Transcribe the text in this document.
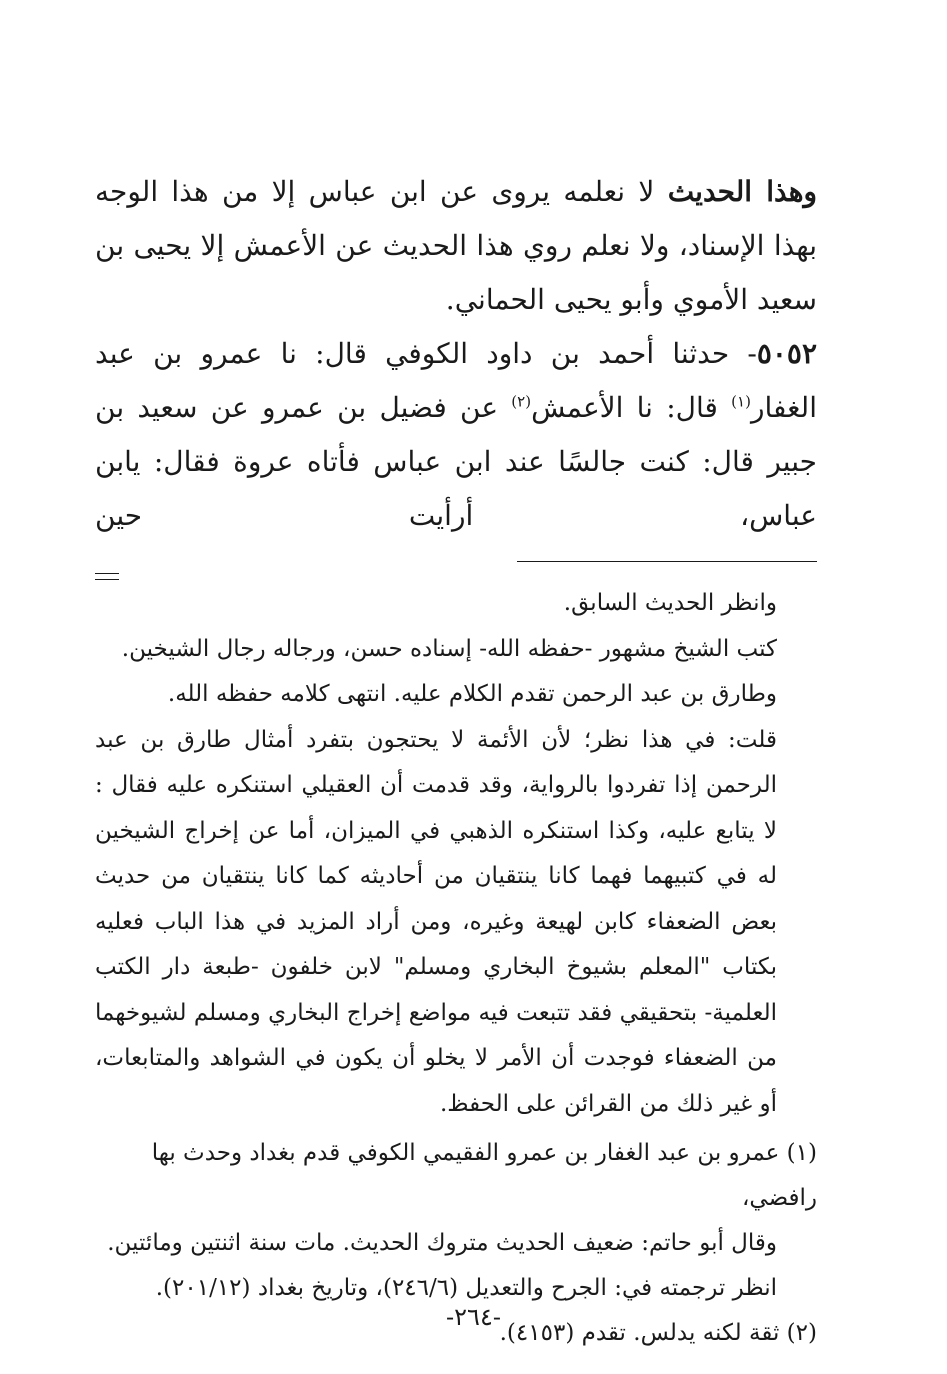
وهذا الحديث لا نعلمه يروى عن ابن عباس إلا من هذا الوجه بهذا الإسناد، ولا نعلم روي هذا الحديث عن الأعمش إلا يحيى بن سعيد الأموي وأبو يحيى الحماني.

٥٠٥٢- حدثنا أحمد بن داود الكوفي قال: نا عمرو بن عبد الغفار$^{(١)}$ قال: نا الأعمش$^{(٢)}$ عن فضيل بن عمرو عن سعيد بن جبير قال: كنت جالسًا عند ابن عباس فأتاه عروة فقال: يابن عباس، أرأيت حين

وانظر الحديث السابق.

كتب الشيخ مشهور -حفظه الله- إسناده حسن، ورجاله رجال الشيخين.

وطارق بن عبد الرحمن تقدم الكلام عليه. انتهى كلامه حفظه الله.

قلت: في هذا نظر؛ لأن الأئمة لا يحتجون بتفرد أمثال طارق بن عبد الرحمن إذا تفردوا بالرواية، وقد قدمت أن العقيلي استنكره عليه فقال : لا يتابع عليه، وكذا استنكره الذهبي في الميزان، أما عن إخراج الشيخين له في كتبيهما فهما كانا ينتقيان من أحاديثه كما كانا ينتقيان من حديث بعض الضعفاء كابن لهيعة وغيره، ومن أراد المزيد في هذا الباب فعليه بكتاب "المعلم بشيوخ البخاري ومسلم" لابن خلفون -طبعة دار الكتب العلمية- بتحقيقي فقد تتبعت فيه مواضع إخراج البخاري ومسلم لشيوخهما من الضعفاء فوجدت أن الأمر لا يخلو أن يكون في الشواهد والمتابعات، أو غير ذلك من القرائن على الحفظ.

(١) عمرو بن عبد الغفار بن عمرو الفقيمي الكوفي قدم بغداد وحدث بها رافضي،

وقال أبو حاتم: ضعيف الحديث متروك الحديث. مات سنة اثنتين ومائتين.

انظر ترجمته في: الجرح والتعديل (٢٤٦/٦)، وتاريخ بغداد (٢٠١/١٢).

(٢) ثقة لكنه يدلس. تقدم (٤١٥٣).

-٢٦٤-
